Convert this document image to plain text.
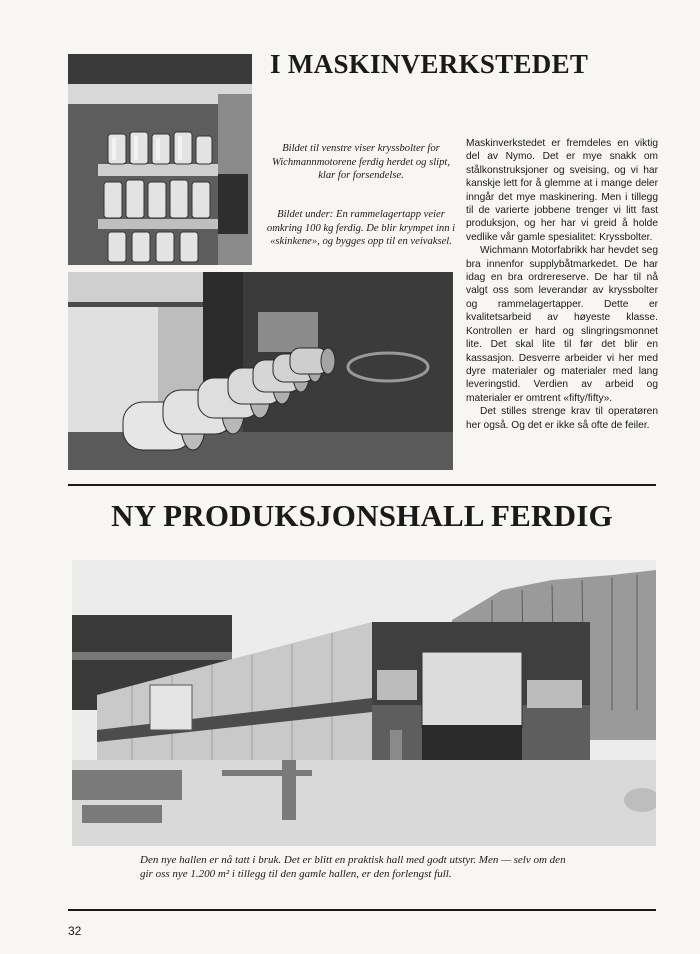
I MASKINVERKSTEDET
Bildet til venstre viser kryssbolter for Wichmannmotorene ferdig herdet og slipt, klar for forsendelse.
Bildet under: En rammelagertapp veier omkring 100 kg ferdig. De blir krympet inn i «skinkene», og bygges opp til en veivaksel.

Maskinverkstedet er fremdeles en viktig del av Nymo. Det er mye snakk om stålkonstruksjoner og sveising, og vi har kanskje lett for å glemme at i mange deler inngår det mye maskinering. Men i tillegg til de varierte jobbene trenger vi litt fast produksjon, og her har vi greid å holde vedlike vår gamle spesialitet: Kryssbolter.

Wichmann Motorfabrikk har hevdet seg bra innenfor supplybåtmarkedet. De har idag en bra ordrereserve. De har til nå valgt oss som leverandør av kryssbolter og rammelagertapper. Dette er kvalitetsarbeid av høyeste klasse. Kontrollen er hard og slingringsmonnet lite. Det skal lite til før det blir en kassasjon. Desverre arbeider vi her med dyre materialer og materialer med lang leveringstid. Verdien av arbeid og materialer er omtrent «fifty/fifty».

Det stilles strenge krav til operatøren her også. Og det er ikke så ofte de feiler.

NY PRODUKSJONSHALL FERDIG
Den nye hallen er nå tatt i bruk. Det er blitt en praktisk hall med godt utstyr. Men — selv om den gir oss nye 1.200 m² i tillegg til den gamle hallen, er den forlengst full.
32
